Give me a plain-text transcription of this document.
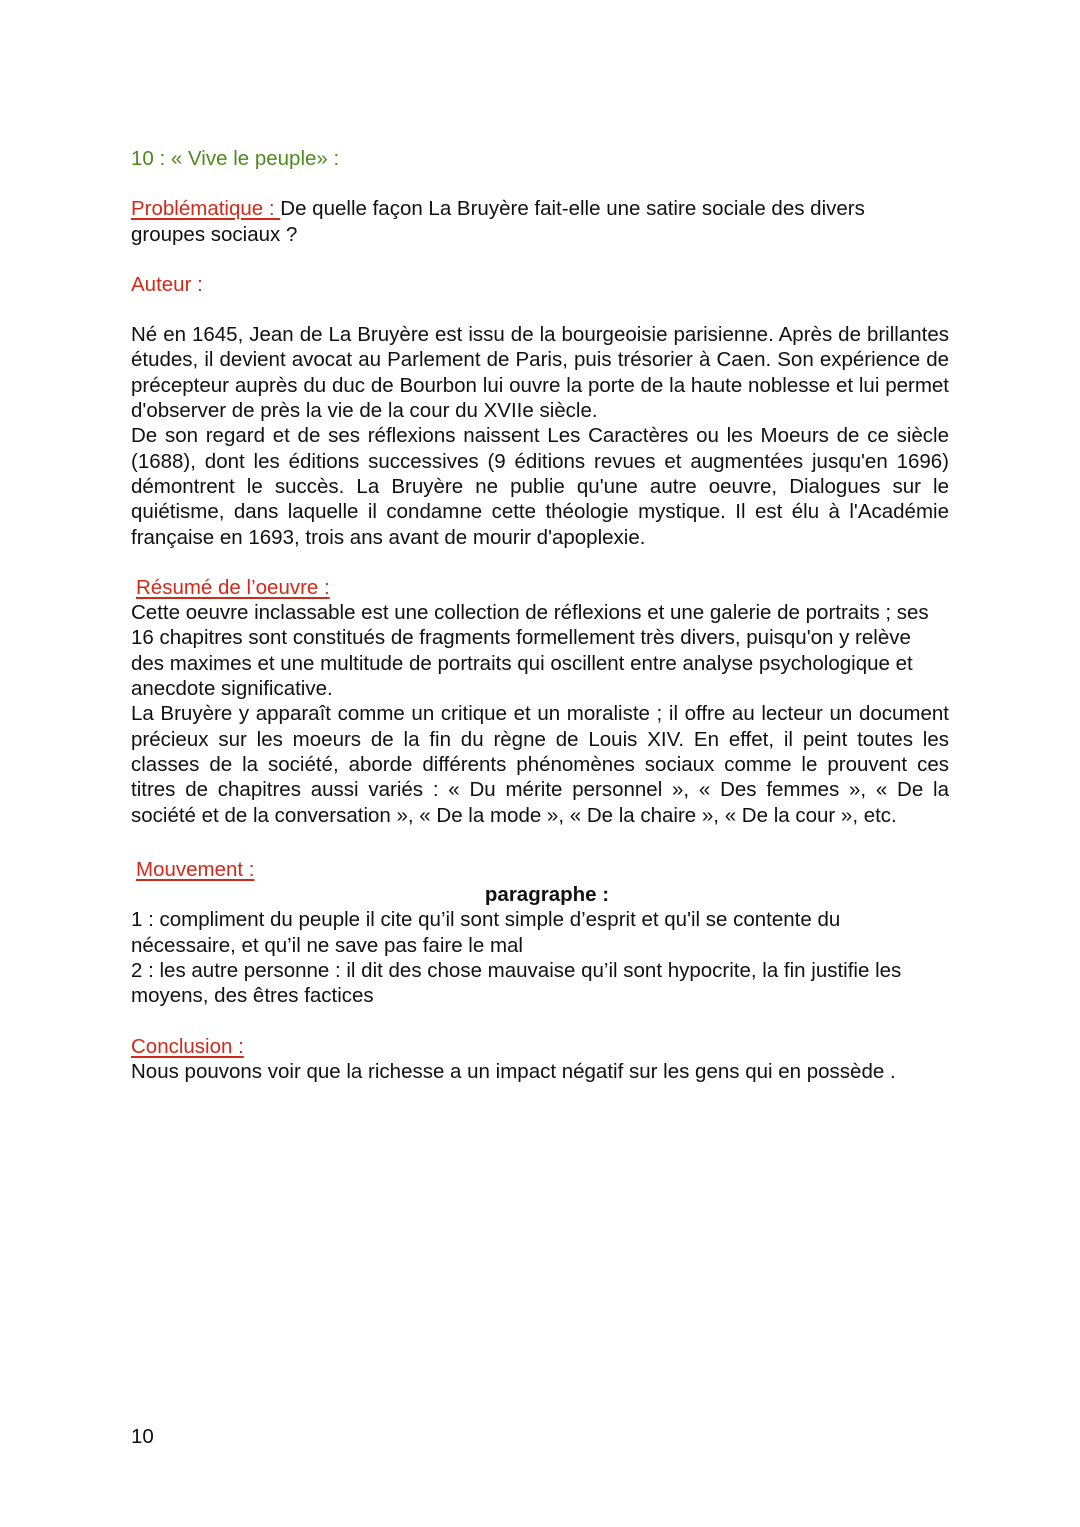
10 : « Vive le peuple» :

Problématique : De quelle façon La Bruyère fait-elle une satire sociale des divers groupes sociaux ?

Auteur :

Né en 1645, Jean de La Bruyère est issu de la bourgeoisie parisienne. Après de brillantes études, il devient avocat au Parlement de Paris, puis trésorier à Caen. Son expérience de précepteur auprès du duc de Bourbon lui ouvre la porte de la haute noblesse et lui permet d'observer de près la vie de la cour du XVIIe siècle.

De son regard et de ses réflexions naissent Les Caractères ou les Moeurs de ce siècle (1688), dont les éditions successives (9 éditions revues et augmentées jusqu'en 1696) démontrent le succès. La Bruyère ne publie qu'une autre oeuvre, Dialogues sur le quiétisme, dans laquelle il condamne cette théologie mystique. Il est élu à l'Académie française en 1693, trois ans avant de mourir d'apoplexie.

Résumé de l’oeuvre :

Cette oeuvre inclassable est une collection de réflexions et une galerie de portraits ; ses 16 chapitres sont constitués de fragments formellement très divers, puisqu'on y relève des maximes et une multitude de portraits qui oscillent entre analyse psychologique et anecdote significative.

La Bruyère y apparaît comme un critique et un moraliste ; il offre au lecteur un document précieux sur les moeurs de la fin du règne de Louis XIV. En effet, il peint toutes les classes de la société, aborde différents phénomènes sociaux comme le prouvent ces titres de chapitres aussi variés : « Du mérite personnel », « Des femmes », « De la société et de la conversation », « De la mode », « De la chaire », « De la cour », etc.

Mouvement :

paragraphe :

1 : compliment du peuple il cite qu’il sont simple d’esprit et qu'il se contente du nécessaire, et qu’il ne save pas faire le mal

2 : les autre personne : il dit des chose mauvaise qu’il sont hypocrite, la fin justifie les moyens, des êtres factices

Conclusion :

Nous pouvons voir que la richesse a un impact négatif sur les gens qui en possède .

10
